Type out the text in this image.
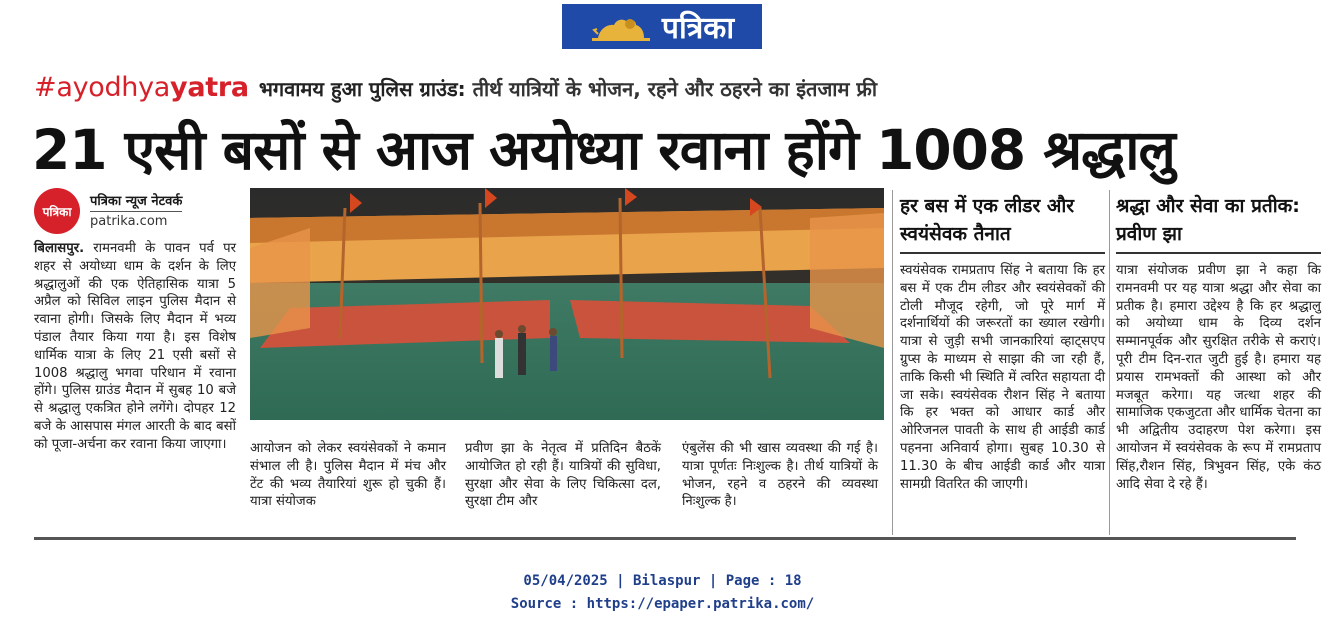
पत्रिका
#ayodhyayatra भगवामय हुआ पुलिस ग्राउंड: तीर्थ यात्रियों के भोजन, रहने और ठहरने का इंतजाम फ्री
21 एसी बसों से आज अयोध्या रवाना होंगे 1008 श्रद्धालु
पत्रिका
पत्रिका न्यूज नेटवर्क
patrika.com
बिलासपुर. रामनवमी के पावन पर्व पर शहर से अयोध्या धाम के दर्शन के लिए श्रद्धालुओं की एक ऐतिहासिक यात्रा 5 अप्रैल को सिविल लाइन पुलिस मैदान से रवाना होगी। जिसके लिए मैदान में भव्य पंडाल तैयार किया गया है। इस विशेष धार्मिक यात्रा के लिए 21 एसी बसों से 1008 श्रद्धालु भगवा परिधान में रवाना होंगे। पुलिस ग्राउंड मैदान में सुबह 10 बजे से श्रद्धालु एकत्रित होने लगेंगे। दोपहर 12 बजे के आसपास मंगल आरती के बाद बसों को पूजा-अर्चना कर रवाना किया जाएगा।	आयोजन को लेकर स्वयंसेवकों ने कमान संभाल ली है। पुलिस मैदान में मंच और टेंट की भव्य तैयारियां शुरू हो चुकी हैं। यात्रा संयोजक
प्रवीण झा के नेतृत्व में प्रतिदिन बैठकें आयोजित हो रही हैं। यात्रियों की सुविधा, सुरक्षा और सेवा के लिए चिकित्सा दल, सुरक्षा टीम और
एंबुलेंस की भी खास व्यवस्था की गई है। यात्रा पूर्णतः निःशुल्क है। तीर्थ यात्रियों के भोजन, रहने व ठहरने की व्यवस्था निःशुल्क है।
हर बस में एक लीडर और स्वयंसेवक तैनात
स्वयंसेवक रामप्रताप सिंह ने बताया कि हर बस में एक टीम लीडर और स्वयंसेवकों की टोली मौजूद रहेगी, जो पूरे मार्ग में दर्शनार्थियों की जरूरतों का ख्याल रखेगी। यात्रा से जुड़ी सभी जानकारियां व्हाट्सएप ग्रुप्स के माध्यम से साझा की जा रही हैं, ताकि किसी भी स्थिति में त्वरित सहायता दी जा सके। स्वयंसेवक रौशन सिंह ने बताया कि हर भक्त को आधार कार्ड और ओरिजनल पावती के साथ ही आईडी कार्ड पहनना अनिवार्य होगा। सुबह 10.30 से 11.30 के बीच आईडी कार्ड और यात्रा सामग्री वितरित की जाएगी।
श्रद्धा और सेवा का प्रतीक: प्रवीण झा
यात्रा संयोजक प्रवीण झा ने कहा कि रामनवमी पर यह यात्रा श्रद्धा और सेवा का प्रतीक है। हमारा उद्देश्य है कि हर श्रद्धालु को अयोध्या धाम के दिव्य दर्शन सम्मानपूर्वक और सुरक्षित तरीके से कराएं। पूरी टीम दिन-रात जुटी हुई है। हमारा यह प्रयास रामभक्तों की आस्था को और मजबूत करेगा। यह जत्था शहर की सामाजिक एकजुटता और धार्मिक चेतना का भी अद्वितीय उदाहरण पेश करेगा। इस आयोजन में स्वयंसेवक के रूप में रामप्रताप सिंह,रौशन सिंह, त्रिभुवन सिंह, एके कंठ आदि सेवा दे रहे हैं।
05/04/2025 | Bilaspur | Page : 18
Source : https://epaper.patrika.com/
